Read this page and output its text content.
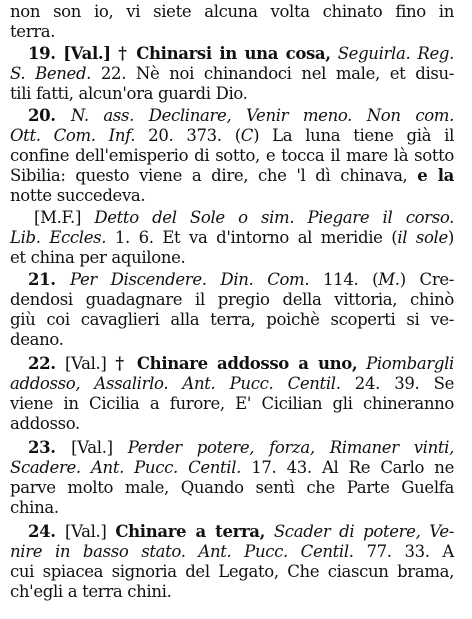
non son io, vi siete alcuna volta chinato fino in
terra.
19. [Val.] † Chinarsi in una cosa, Seguirla. Reg.
S. Bened. 22. Nè noi chinandoci nel male, et disu-
tili fatti, alcun'ora guardi Dio.
20. N. ass. Declinare, Venir meno. Non com.
Ott. Com. Inf. 20. 373. (C) La luna tiene già il
confine dell'emisperio di sotto, e tocca il mare là sotto
Sibilia: questo viene a dire, che 'l dì chinava, e la
notte succedeva.
[M.F.] Detto del Sole o sim. Piegare il corso.
Lib. Eccles. 1. 6. Et va d'intorno al meridie (il sole)
et china per aquilone.
21. Per Discendere. Din. Com. 114. (M.) Cre-
dendosi guadagnare il pregio della vittoria, chinò
giù coi cavaglieri alla terra, poichè scoperti si ve-
deano.
22. [Val.] † Chinare addosso a uno, Piombargli
addosso, Assalirlo. Ant. Pucc. Centil. 24. 39. Se
viene in Cicilia a furore, E' Cicilian gli chineranno
addosso.
23. [Val.] Perder potere, forza, Rimaner vinti,
Scadere. Ant. Pucc. Centil. 17. 43. Al Re Carlo ne
parve molto male, Quando sentì che Parte Guelfa
china.
24. [Val.] Chinare a terra, Scader di potere, Ve-
nire in basso stato. Ant. Pucc. Centil. 77. 33. A
cui spiacea signoria del Legato, Che ciascun brama,
ch'egli a terra chini.
